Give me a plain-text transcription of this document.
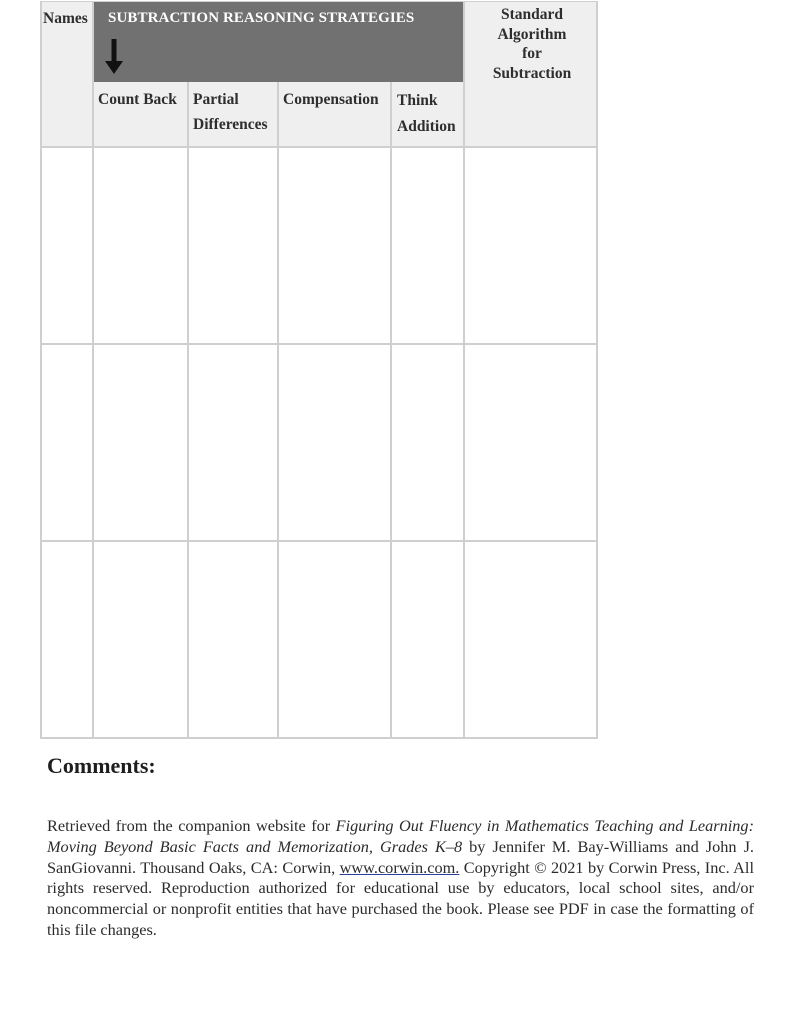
SUBTRACTION REASONING STRATEGIES
Names
Count Back Partial
Differences
Compensation Think
Addition
Standard
Algorithm
for
Subtraction
Comments:
Retrieved from the companion website for Figuring Out Fluency in Mathematics Teaching and Learning: Moving Beyond Basic Facts and Memorization, Grades K–8 by Jennifer M. Bay-Williams and John J. SanGiovanni. Thousand Oaks, CA: Corwin, www.corwin.com. Copyright © 2021 by Corwin Press, Inc. All rights reserved. Reproduction authorized for educational use by educators, local school sites, and/or noncommercial or nonprofit entities that have purchased the book. Please see PDF in case the formatting of this file changes.
